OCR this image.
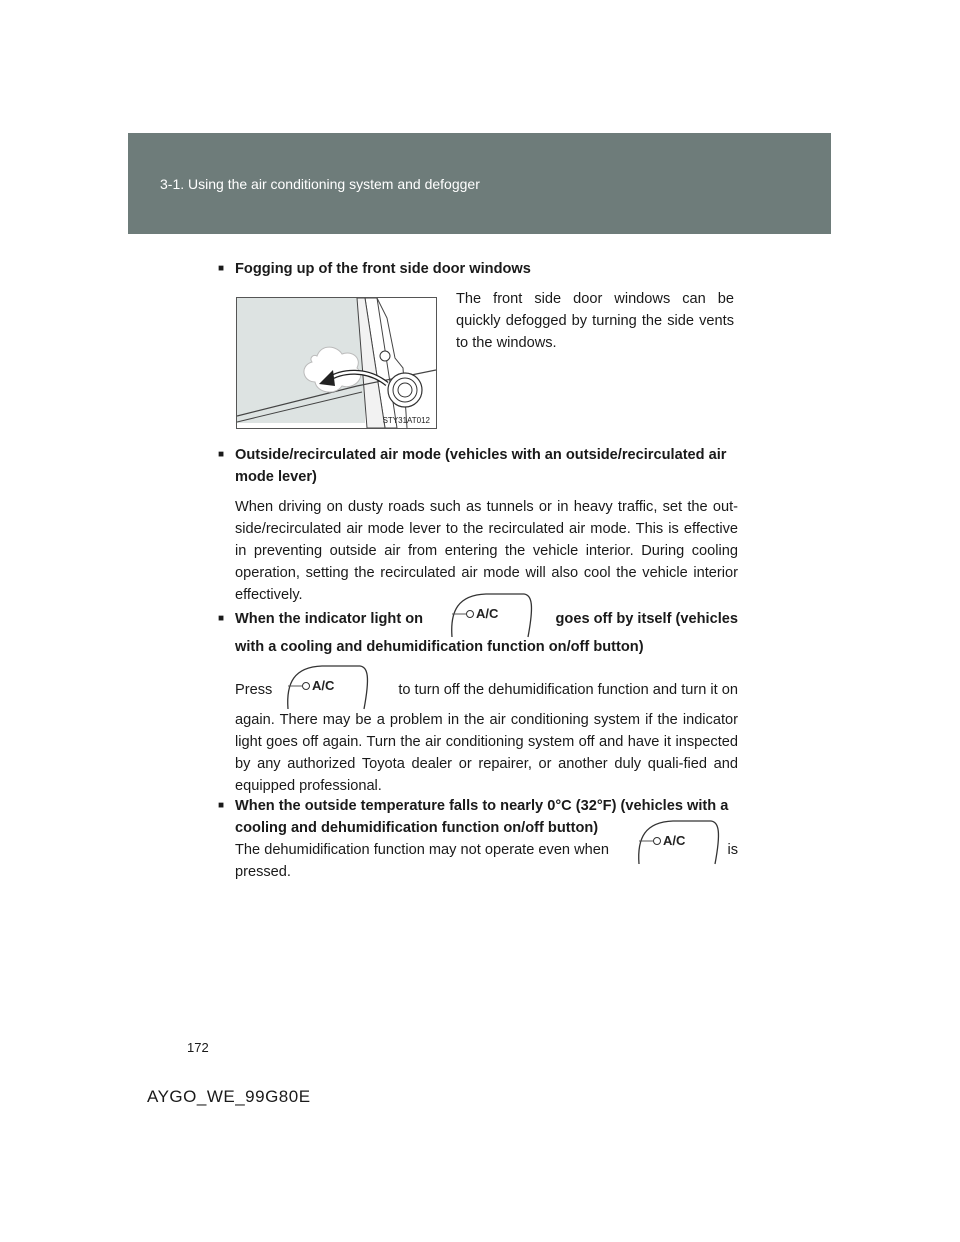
3-1. Using the air conditioning system and defogger
■ Fogging up of the front side door windows
STY31AT012
The front side door windows can be quickly defogged by turning the side vents to the windows.
■ Outside/recirculated air mode (vehicles with an outside/recirculated air mode lever)
When driving on dusty roads such as tunnels or in heavy traffic, set the out-side/recirculated air mode lever to the recirculated air mode. This is effective in preventing outside air from entering the vehicle interior. During cooling operation, setting the recirculated air mode will also cool the vehicle interior effectively.
■ When the indicator light on	goes off by itself (vehicles
A/C
with a cooling and dehumidification function on/off button)
Press	to turn off the dehumidification function and turn it on
A/C
again. There may be a problem in the air conditioning system if the indicator light goes off again. Turn the air conditioning system off and have it inspected by any authorized Toyota dealer or repairer, or another duly quali-fied and equipped professional.
■ When the outside temperature falls to nearly 0°C (32°F) (vehicles with a cooling and dehumidification function on/off button)
The dehumidification function may not operate even when	is
pressed.
A/C
172
AYGO_WE_99G80E
